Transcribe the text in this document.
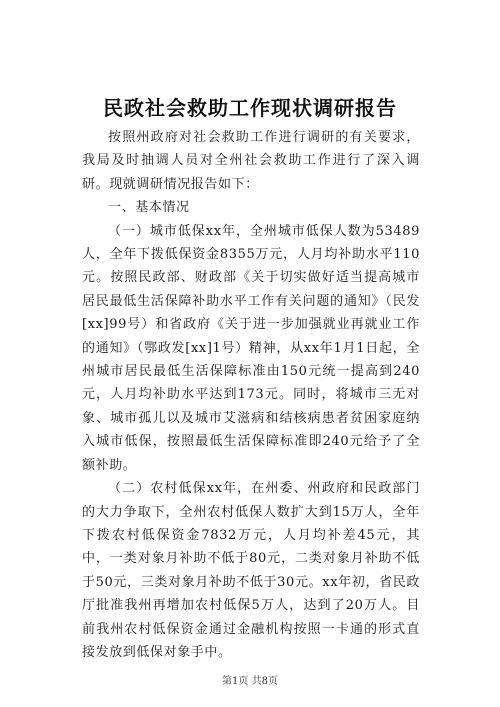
民政社会救助工作现状调研报告

按照州政府对社会救助工作进行调研的有关要求，我局及时抽调人员对全州社会救助工作进行了深入调研。现就调研情况报告如下：

一、基本情况

（一）城市低保xx年，全州城市低保人数为53489人，全年下拨低保资金8355万元，人月均补助水平110元。按照民政部、财政部《关于切实做好适当提高城市居民最低生活保障补助水平工作有关问题的通知》（民发[xx]99号）和省政府《关于进一步加强就业再就业工作的通知》（鄂政发[xx]1号）精神，从xx年1月1日起，全州城市居民最低生活保障标准由150元统一提高到240元，人月均补助水平达到173元。同时，将城市三无对象、城市孤儿以及城市艾滋病和结核病患者贫困家庭纳入城市低保，按照最低生活保障标准即240元给予了全额补助。

（二）农村低保xx年，在州委、州政府和民政部门的大力争取下，全州农村低保人数扩大到15万人，全年下拨农村低保资金7832万元，人月均补差45元，其中，一类对象月补助不低于80元，二类对象月补助不低于50元，三类对象月补助不低于30元。xx年初，省民政厅批准我州再增加农村低保5万人，达到了20万人。目前我州农村低保资金通过金融机构按照一卡通的形式直接发放到低保对象手中。

第1页 共8页
